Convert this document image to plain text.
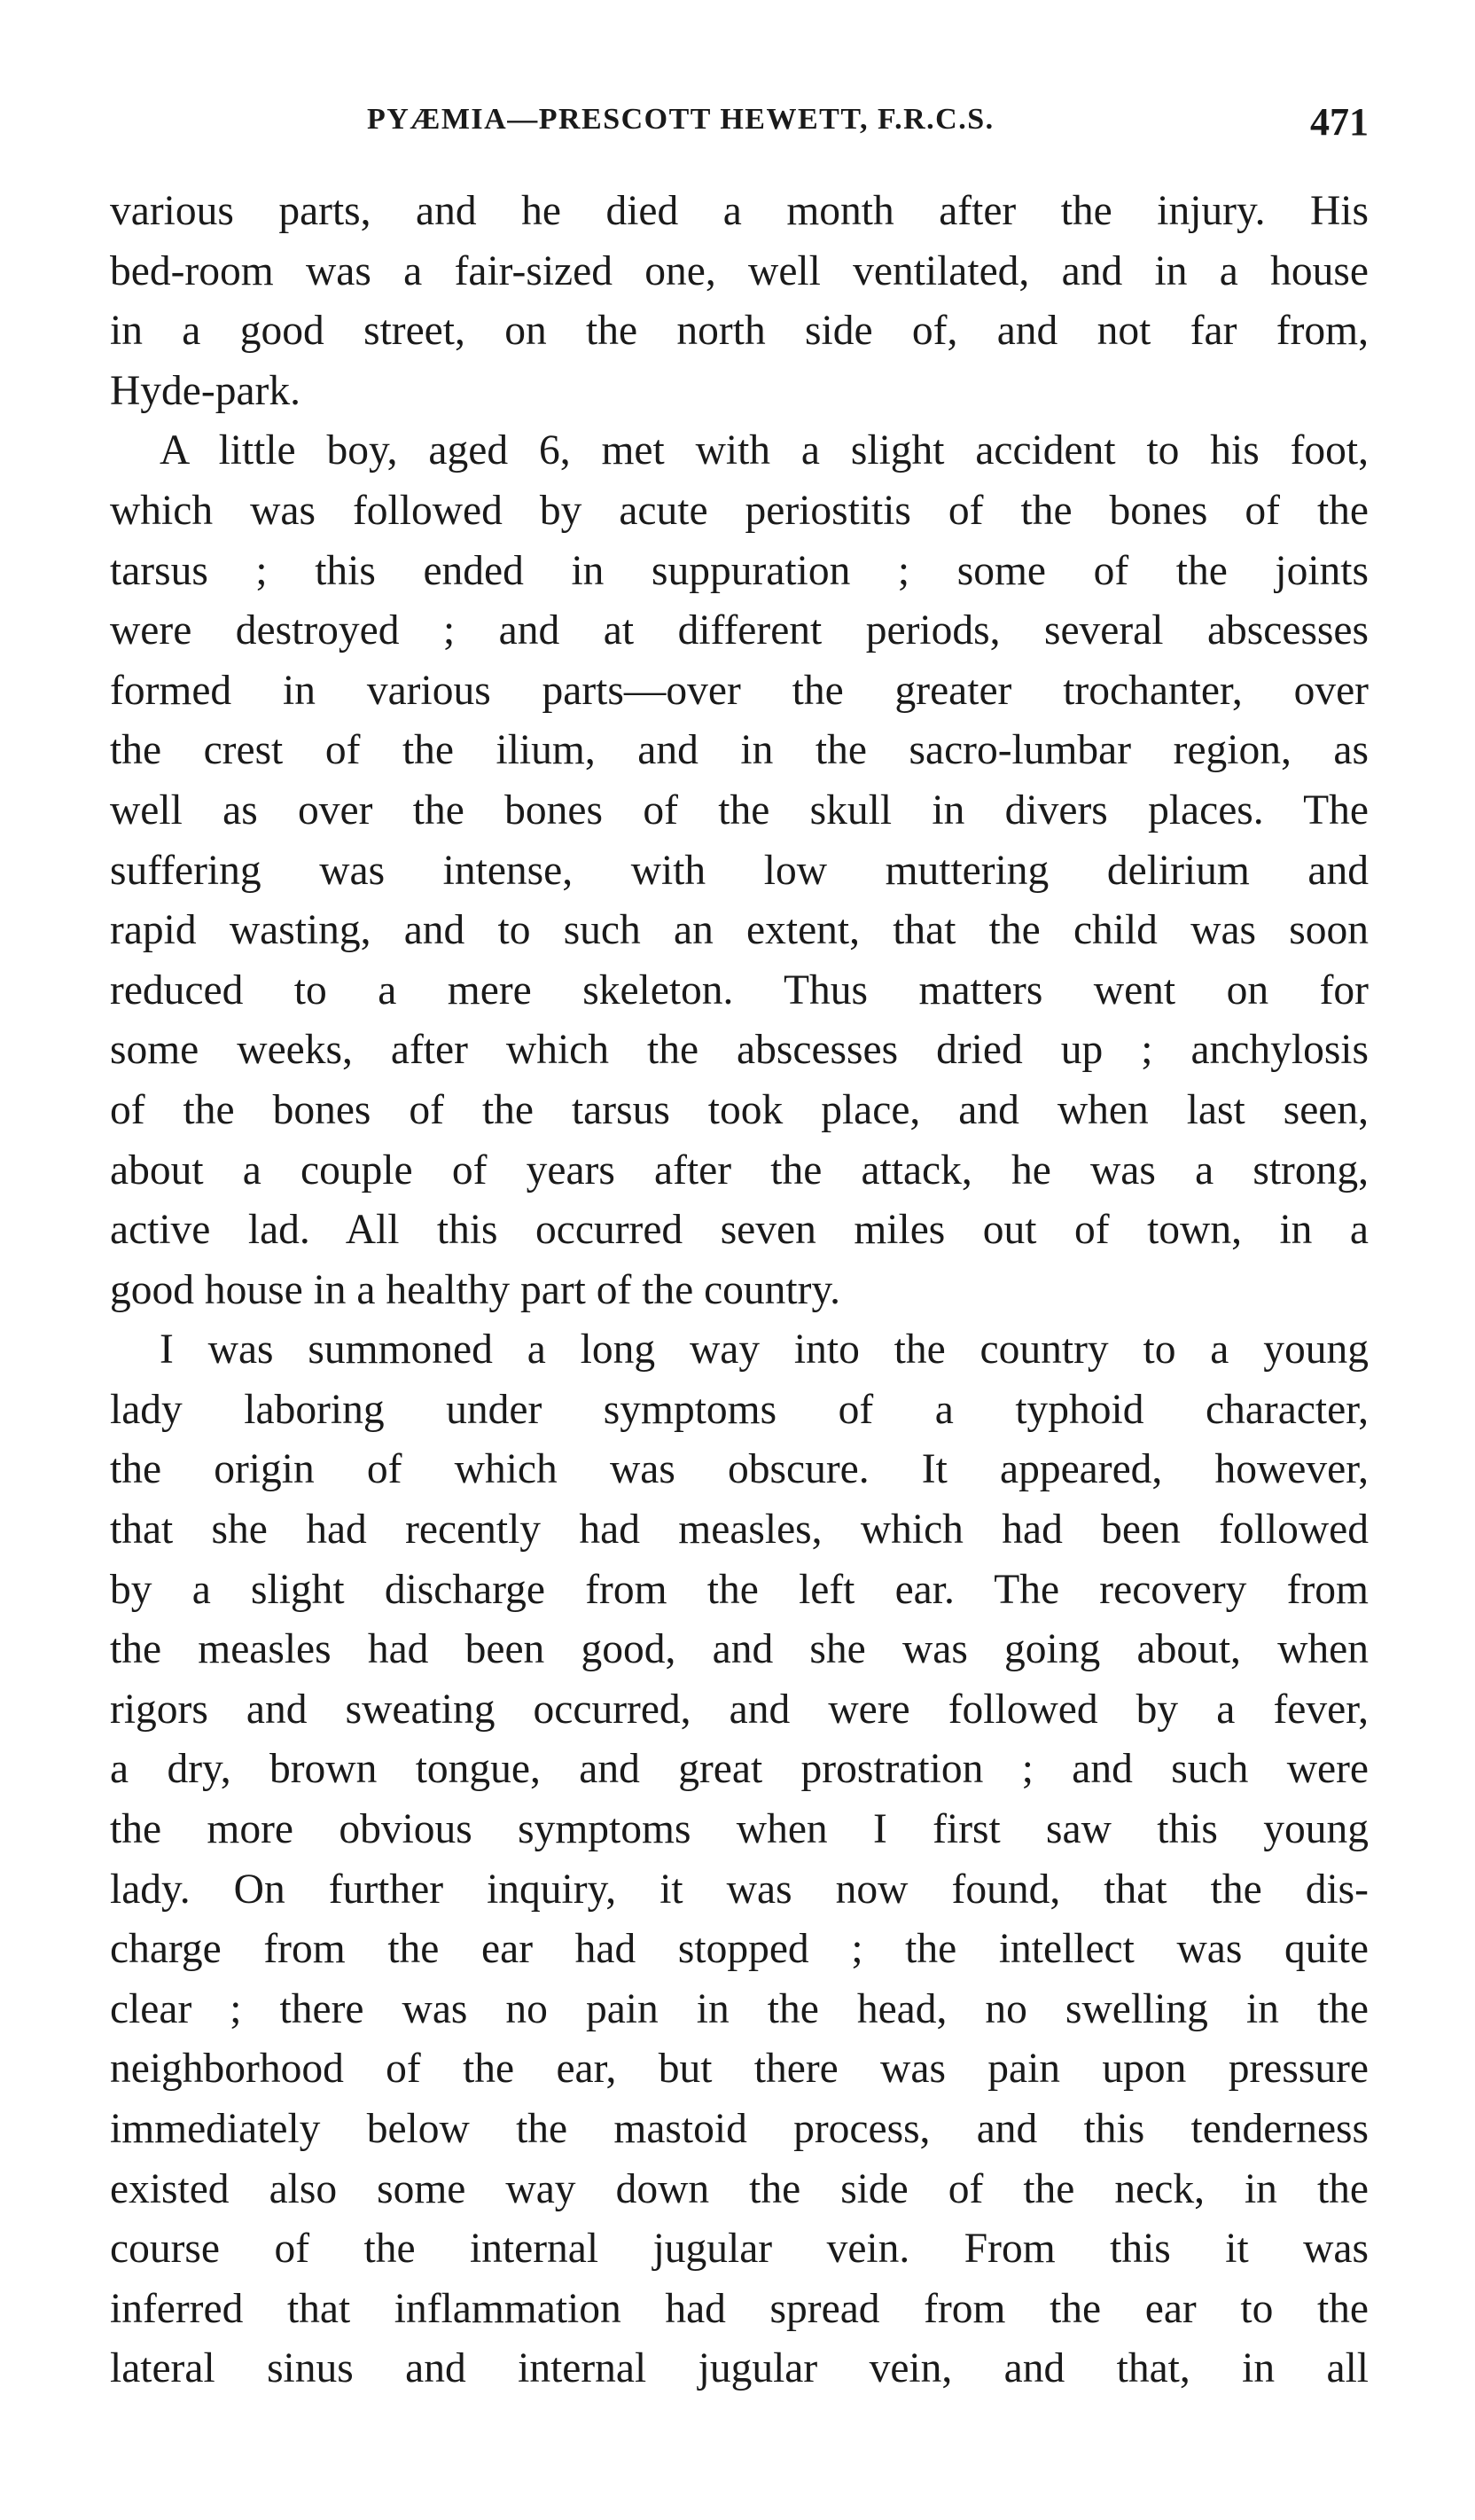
PYÆMIA—PRESCOTT HEWETT, F.R.C.S.	471
various parts, and he died a month after the injury. His
bed-room was a fair-sized one, well ventilated, and in a house
in a good street, on the north side of, and not far from,
Hyde-park.
A little boy, aged 6, met with a slight accident to his foot,
which was followed by acute periostitis of the bones of the
tarsus ; this ended in suppuration ; some of the joints
were destroyed ; and at different periods, several abscesses
formed in various parts—over the greater trochanter, over
the crest of the ilium, and in the sacro-lumbar region, as
well as over the bones of the skull in divers places. The
suffering was intense, with low muttering delirium and
rapid wasting, and to such an extent, that the child was soon
reduced to a mere skeleton. Thus matters went on for
some weeks, after which the abscesses dried up ; anchylosis
of the bones of the tarsus took place, and when last seen,
about a couple of years after the attack, he was a strong,
active lad. All this occurred seven miles out of town, in a
good house in a healthy part of the country.
I was summoned a long way into the country to a young
lady laboring under symptoms of a typhoid character,
the origin of which was obscure. It appeared, however,
that she had recently had measles, which had been followed
by a slight discharge from the left ear. The recovery from
the measles had been good, and she was going about, when
rigors and sweating occurred, and were followed by a fever,
a dry, brown tongue, and great prostration ; and such were
the more obvious symptoms when I first saw this young
lady. On further inquiry, it was now found, that the dis-
charge from the ear had stopped ; the intellect was quite
clear ; there was no pain in the head, no swelling in the
neighborhood of the ear, but there was pain upon pressure
immediately below the mastoid process, and this tenderness
existed also some way down the side of the neck, in the
course of the internal jugular vein. From this it was
inferred that inflammation had spread from the ear to the
lateral sinus and internal jugular vein, and that, in all
